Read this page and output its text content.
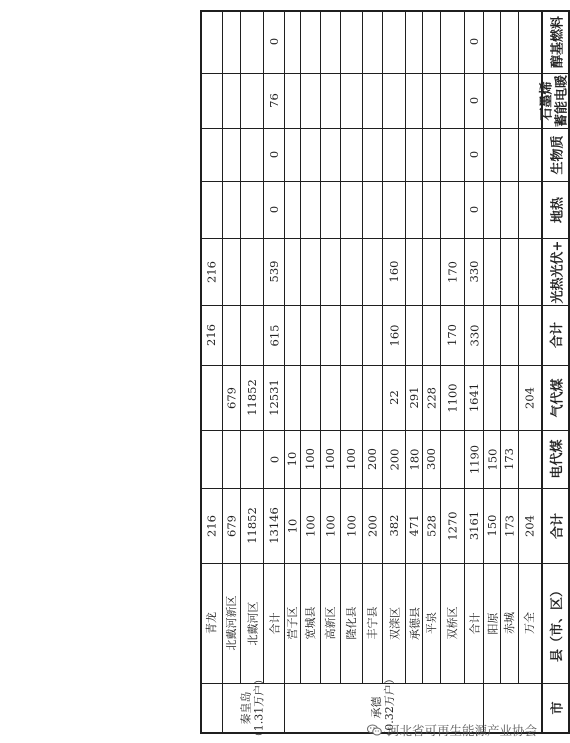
市
县（市、区）
合计
电代煤
气代煤
合计
光热光伏+
地热
生物质
石墨烯 蓄能电暖
醇基燃料
万全
204
204
赤城
173
173
阳原
150
150
合计
3161
1190
1641
330
330
0
0
0
0
双桥区
1270
1100
170
170
平泉
528
300
228
承德县
471
180
291
双滦区
382
200
22
160
160
丰宁县
200
200
隆化县
100
100
高新区
100
100
宽城县
100
100
营子区
10
10
合计
13146
0
12531
615
539
0
0
76
0
北戴河区
11852
11852
北戴河新区
679
679
青龙
216
216
216
承德 （0.32万户）
秦皇岛 （1.31万户）	河北省可再生能源产业协会
